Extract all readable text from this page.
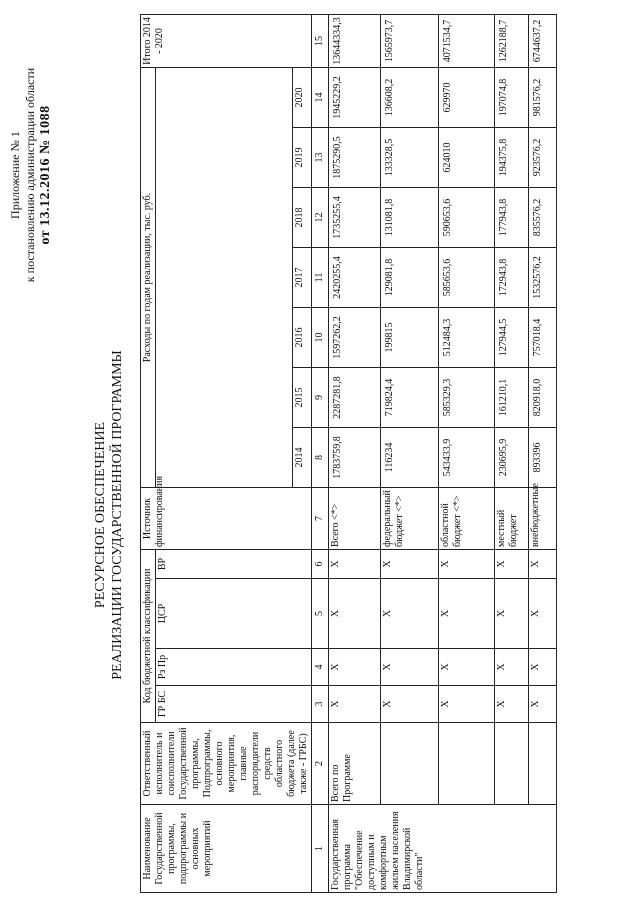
Приложение № 1 к постановлению администрации области от 13.12.2016 № 1088
РЕСУРСНОЕ ОБЕСПЕЧЕНИЕ РЕАЛИЗАЦИИ ГОСУДАРСТВЕННОЙ ПРОГРАММЫ
Наименование Государственной программы, подпрограммы и основных мероприятий	Ответственный исполнитель и соисполнители Государственной программы, Подпрограммы, основного мероприятия, главные распорядители средств областного бюджета (далее также - ГРБС)	Код бюджетной классификации				Источник финансирования	Расходы по годам реализации, тыс. руб.							Итого 2014 - 2020
		ГР БС	Рз Пр	ЦСР	ВР									
							2014	2015	2016	2017	2018	2019	2020	
1	2	3	4	5	6	7	8	9	10	11	12	13	14	15
Государственная программа "Обеспечение доступным и комфортным жильем населения Владимирской области"	Всего по Программе	X	X	X	X	Всего <*>	1783759,8	2287281,8	1597262,2	2420255,4	1735255,4	1875290,5	1945229,2	13644334,3
		X	X	X	X	федеральный бюджет <*>	116234	719824,4	199815	129081,8	131081,8	133328,5	136608,2	1565973,7
		X	X	X	X	областной бюджет <*>	543433,9	585329,3	512484,3	585653,6	590653,6	624010	629970	4071534,7
		X	X	X	X	местный бюджет	230695,9	161210,1	127944,5	172943,8	177943,8	194375,8	197074,8	1262188,7
		X	X	X	X	внебюджетные	893396	820918,0	757018,4	1532576,2	835576,2	923576,2	981576,2	6744637,2
